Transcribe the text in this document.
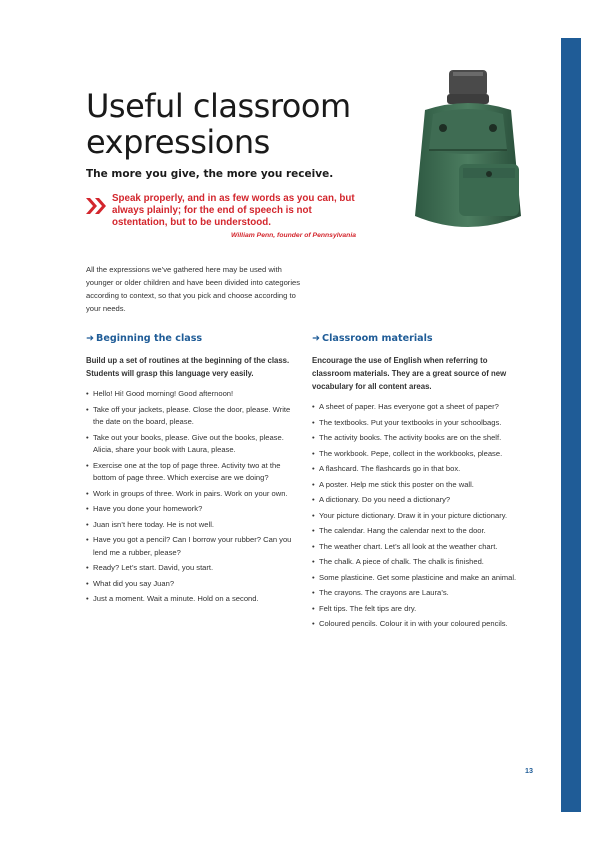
Useful classroom expressions

The more you give, the more you receive.

Speak properly, and in as few words as you can, but always plainly; for the end of speech is not ostentation, but to be understood.

William Penn, founder of Pennsylvania

All the expressions we’ve gathered here may be used with younger or older children and have been divided into categories according to context, so that you pick and choose according to your needs.

➜ Beginning the class

Build up a set of routines at the beginning of the class. Students will grasp this language very easily.

• Hello! Hi! Good morning! Good afternoon!
• Take off your jackets, please. Close the door, please. Write the date on the board, please.
• Take out your books, please. Give out the books, please. Alicia, share your book with Laura, please.
• Exercise one at the top of page three. Activity two at the bottom of page three. Which exercise are we doing?
• Work in groups of three. Work in pairs. Work on your own.
• Have you done your homework?
• Juan isn’t here today. He is not well.
• Have you got a pencil? Can I borrow your rubber? Can you lend me a rubber, please?
• Ready? Let’s start. David, you start.
• What did you say Juan?
• Just a moment. Wait a minute. Hold on a second.
➜ Classroom materials

Encourage the use of English when referring to classroom materials. They are a great source of new vocabulary for all content areas.

• A sheet of paper. Has everyone got a sheet of paper?
• The textbooks. Put your textbooks in your schoolbags.
• The activity books. The activity books are on the shelf.
• The workbook. Pepe, collect in the workbooks, please.
• A flashcard. The flashcards go in that box.
• A poster. Help me stick this poster on the wall.
• A dictionary. Do you need a dictionary?
• Your picture dictionary. Draw it in your picture dictionary.
• The calendar. Hang the calendar next to the door.
• The weather chart. Let’s all look at the weather chart.
• The chalk. A piece of chalk. The chalk is finished.
• Some plasticine. Get some plasticine and make an animal.
• The crayons. The crayons are Laura’s.
• Felt tips. The felt tips are dry.
• Coloured pencils. Colour it in with your coloured pencils.

13
